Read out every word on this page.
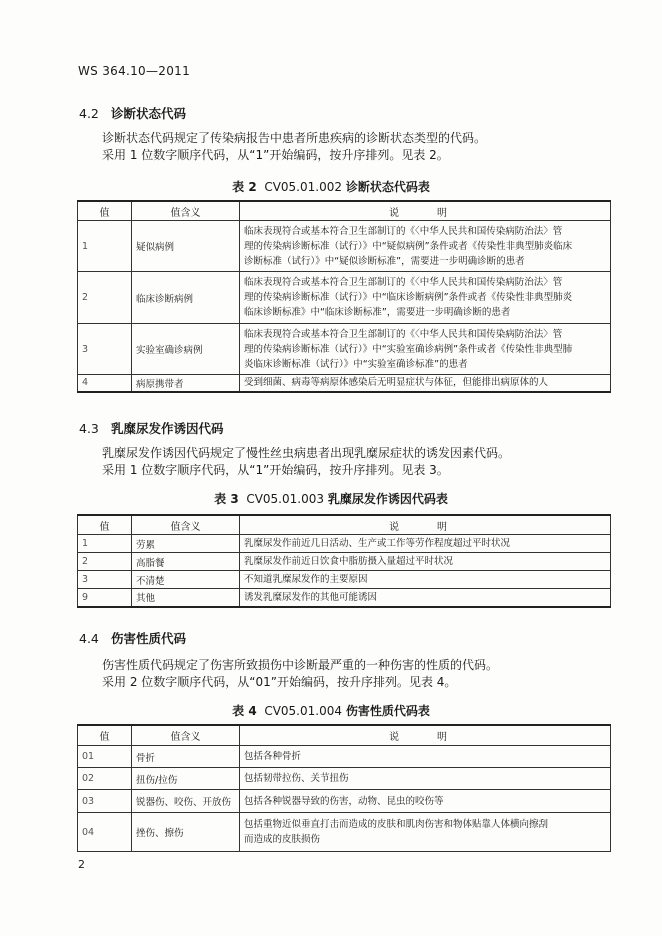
WS 364.10—2011
4.2 诊断状态代码
诊断状态代码规定了传染病报告中患者所患疾病的诊断状态类型的代码。
采用 1 位数字顺序代码，从“1”开始编码，按升序排列。见表 2。
表 2 CV05.01.002 诊断状态代码表
值	值含义	说　明
1	疑似病例	临床表现符合或基本符合卫生部制订的《〈中华人民共和国传染病防治法〉管
理的传染病诊断标准（试行）》中“疑似病例”条件或者《传染性非典型肺炎临床
诊断标准（试行）》中“疑似诊断标准”，需要进一步明确诊断的患者

2	临床诊断病例	临床表现符合或基本符合卫生部制订的《〈中华人民共和国传染病防治法〉管
理的传染病诊断标准（试行）》中“临床诊断病例”条件或者《传染性非典型肺炎
临床诊断标准》中“临床诊断标准”，需要进一步明确诊断的患者

3	实验室确诊病例	临床表现符合或基本符合卫生部制订的《〈中华人民共和国传染病防治法〉管
理的传染病诊断标准（试行）》中“实验室确诊病例”条件或者《传染性非典型肺
炎临床诊断标准（试行）》中“实验室确诊标准”的患者

4	病原携带者	受到细菌、病毒等病原体感染后无明显症状与体征，但能排出病原体的人
4.3 乳糜尿发作诱因代码
乳糜尿发作诱因代码规定了慢性丝虫病患者出现乳糜尿症状的诱发因素代码。
采用 1 位数字顺序代码，从“1”开始编码，按升序排列。见表 3。
表 3 CV05.01.003 乳糜尿发作诱因代码表
值	值含义	说　明
1	劳累	乳糜尿发作前近几日活动、生产或工作等劳作程度超过平时状况
2	高脂餐	乳糜尿发作前近日饮食中脂肪摄入量超过平时状况
3	不清楚	不知道乳糜尿发作的主要原因
9	其他	诱发乳糜尿发作的其他可能诱因
4.4 伤害性质代码
伤害性质代码规定了伤害所致损伤中诊断最严重的一种伤害的性质的代码。
采用 2 位数字顺序代码，从“01”开始编码，按升序排列。见表 4。
表 4 CV05.01.004 伤害性质代码表
值	值含义	说　明
01	骨折	包括各种骨折
02	扭伤/拉伤	包括韧带拉伤、关节扭伤
03	锐器伤、咬伤、开放伤	包括各种锐器导致的伤害，动物、昆虫的咬伤等
04	挫伤、擦伤	包括重物近似垂直打击而造成的皮肤和肌肉伤害和物体贴靠人体横向擦刮
而造成的皮肤损伤
2
